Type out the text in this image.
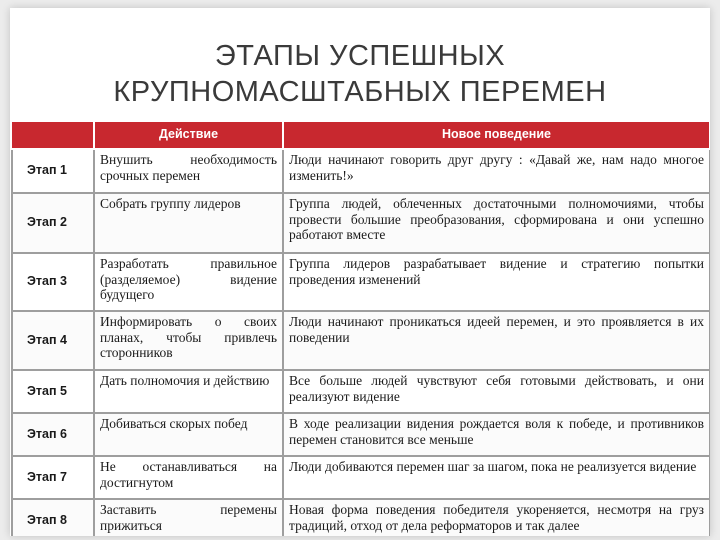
ЭТАПЫ УСПЕШНЫХ
КРУПНОМАСШТАБНЫХ ПЕРЕМЕН
	Действие	Новое поведение
Этап 1	Внушить необходимость срочных перемен	Люди начинают говорить друг другу : «Давай же, нам надо многое изменить!»
Этап 2	Собрать группу лидеров	Группа людей, облеченных достаточными полномочиями, чтобы провести большие преобразования, сформирована и они успешно работают вместе
Этап 3	Разработать правильное (разделяемое) видение будущего	Группа лидеров разрабатывает видение и стратегию попытки проведения изменений
Этап 4	Информировать о своих планах, чтобы привлечь сторонников	Люди начинают проникаться идеей перемен, и это проявляется в их поведении
Этап 5	Дать полномочия и действию	Все больше людей чувствуют себя готовыми действовать, и они реализуют видение
Этап 6	Добиваться скорых побед	В ходе реализации видения рождается воля к победе, и противников перемен становится все меньше
Этап 7	Не останавливаться на достигнутом	Люди добиваются перемен шаг за шагом, пока не реализуется видение
Этап 8	Заставить перемены прижиться	Новая форма поведения победителя укореняется, несмотря на груз традиций, отход от дела реформаторов и так далее
